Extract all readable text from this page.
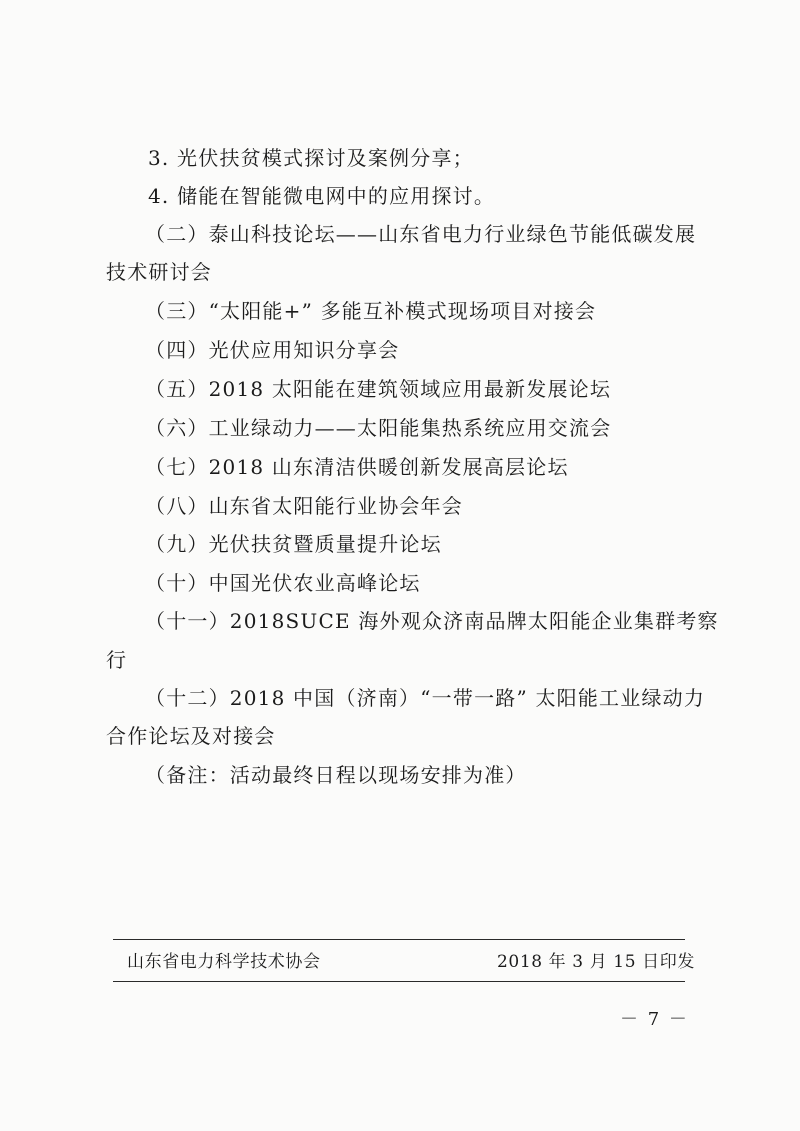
3. 光伏扶贫模式探讨及案例分享；
4. 储能在智能微电网中的应用探讨。
（二）泰山科技论坛——山东省电力行业绿色节能低碳发展
技术研讨会
（三）“太阳能+” 多能互补模式现场项目对接会
（四）光伏应用知识分享会
（五）2018 太阳能在建筑领域应用最新发展论坛
（六）工业绿动力——太阳能集热系统应用交流会
（七）2018 山东清洁供暖创新发展高层论坛
（八）山东省太阳能行业协会年会
（九）光伏扶贫暨质量提升论坛
（十）中国光伏农业高峰论坛
（十一）2018SUCE 海外观众济南品牌太阳能企业集群考察
行
（十二）2018 中国（济南）“一带一路” 太阳能工业绿动力
合作论坛及对接会
（备注：活动最终日程以现场安排为准）
山东省电力科学技术协会	2018 年 3 月 15 日印发
－ 7 －
